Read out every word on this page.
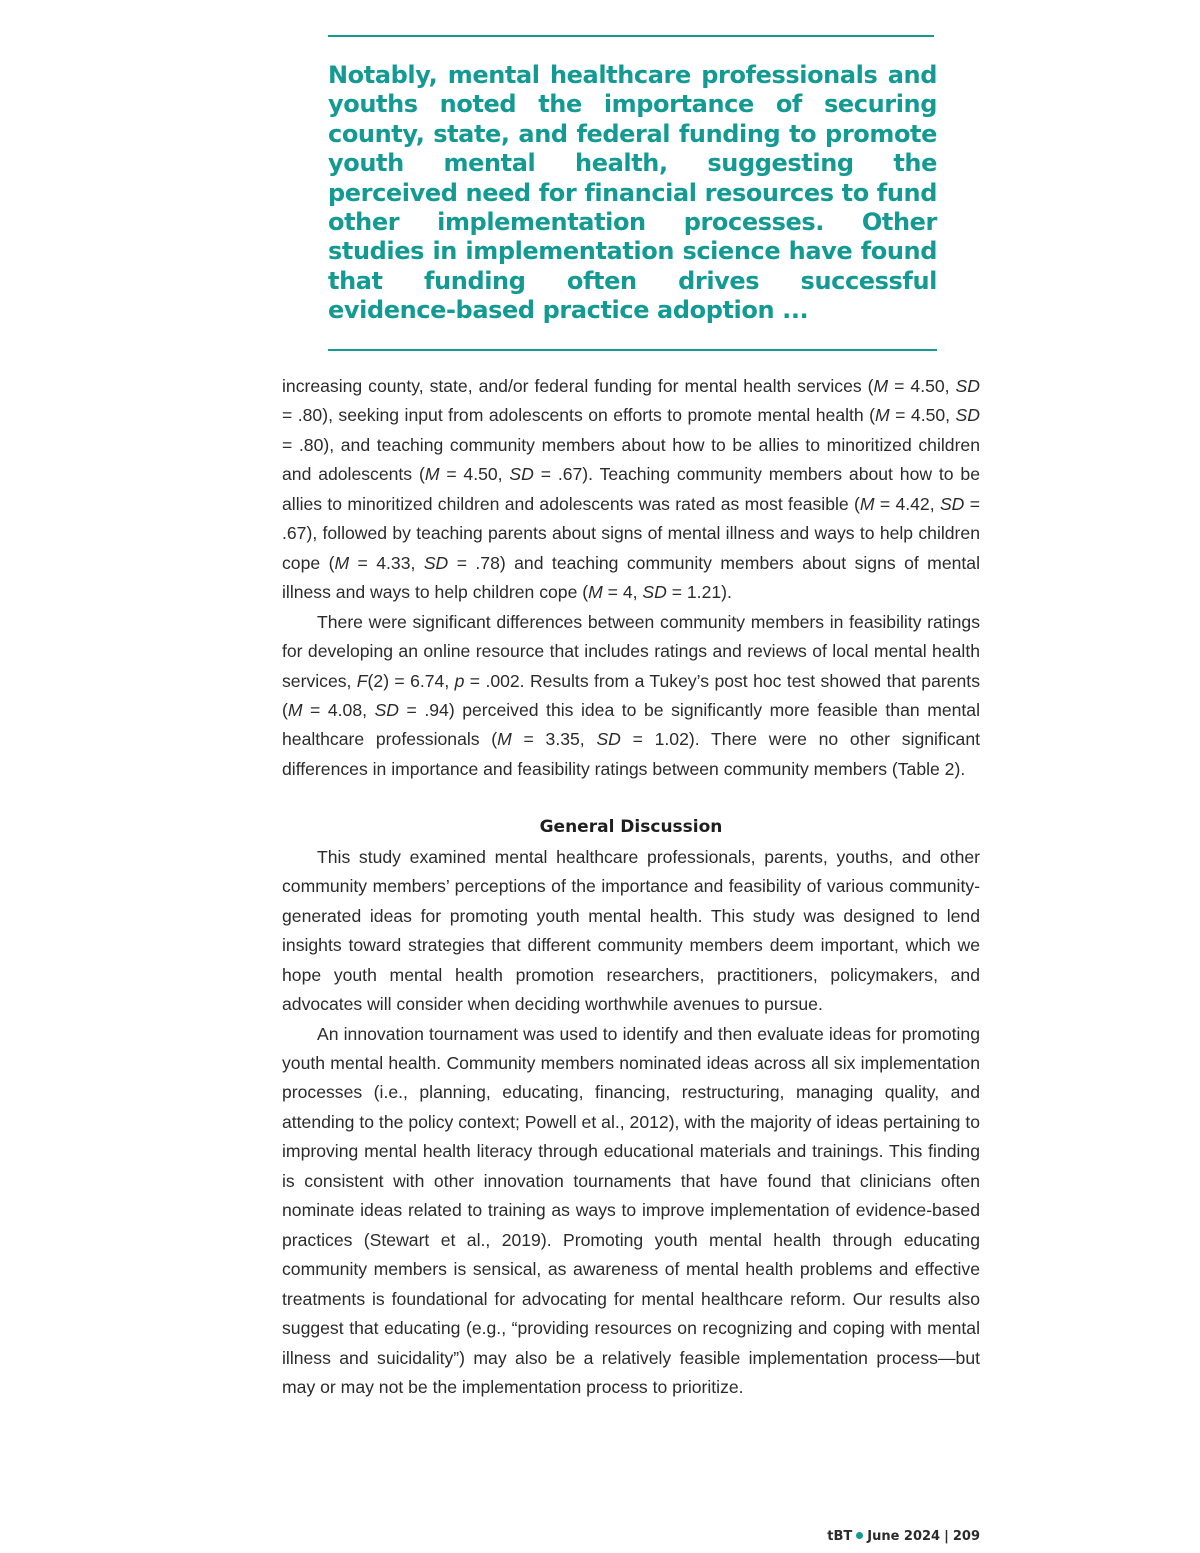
Notably, mental healthcare professionals and youths noted the importance of securing county, state, and federal funding to promote youth mental health, suggesting the perceived need for financial resources to fund other implementation processes. Other studies in implementation science have found that funding often drives successful evidence-based practice adoption ...

increasing county, state, and/or federal funding for mental health services (M = 4.50, SD = .80), seeking input from adolescents on efforts to promote mental health (M = 4.50, SD = .80), and teaching community members about how to be allies to minoritized children and adolescents (M = 4.50, SD = .67). Teaching community members about how to be allies to minoritized children and adolescents was rated as most feasible (M = 4.42, SD = .67), followed by teaching parents about signs of mental illness and ways to help children cope (M = 4.33, SD = .78) and teaching community members about signs of mental illness and ways to help children cope (M = 4, SD = 1.21).

There were significant differences between community members in feasibility ratings for developing an online resource that includes ratings and reviews of local mental health services, F(2) = 6.74, p = .002. Results from a Tukey’s post hoc test showed that parents (M = 4.08, SD = .94) perceived this idea to be significantly more feasible than mental healthcare professionals (M = 3.35, SD = 1.02). There were no other significant differences in importance and feasibility ratings between community members (Table 2).

General Discussion

This study examined mental healthcare professionals, parents, youths, and other community members’ perceptions of the importance and feasibility of various community-generated ideas for promoting youth mental health. This study was designed to lend insights toward strategies that different community members deem important, which we hope youth mental health promotion researchers, practitioners, policymakers, and advocates will consider when deciding worthwhile avenues to pursue.

An innovation tournament was used to identify and then evaluate ideas for promoting youth mental health. Community members nominated ideas across all six implementation processes (i.e., planning, educating, financing, restructuring, managing quality, and attending to the policy context; Powell et al., 2012), with the majority of ideas pertaining to improving mental health literacy through educational materials and trainings. This finding is consistent with other innovation tournaments that have found that clinicians often nominate ideas related to training as ways to improve implementation of evidence-based practices (Stewart et al., 2019). Promoting youth mental health through educating community members is sensical, as awareness of mental health problems and effective treatments is foundational for advocating for mental healthcare reform. Our results also suggest that educating (e.g., “providing resources on recognizing and coping with mental illness and suicidality”) may also be a relatively feasible implementation process—but may or may not be the implementation process to prioritize.

tBT June 2024 | 209
